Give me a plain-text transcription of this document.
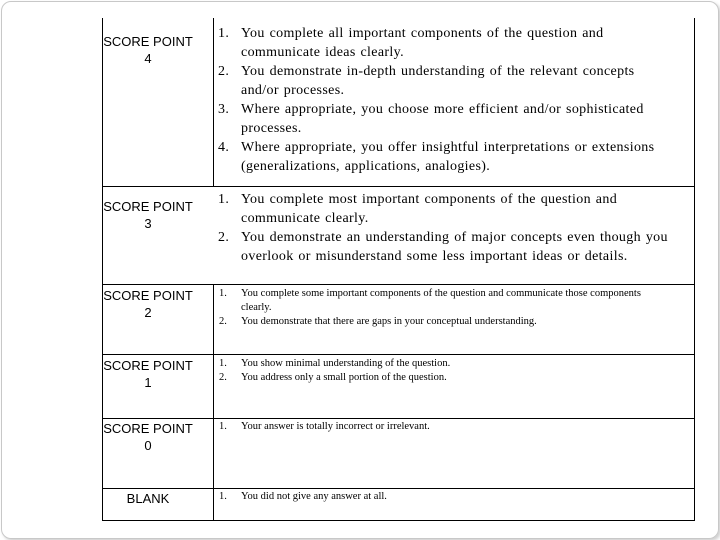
SCORE POINT 4
1. You complete all important components of the question and communicate ideas clearly.
2. You demonstrate in-depth understanding of the relevant concepts and/or processes.
3. Where appropriate, you choose more efficient and/or sophisticated processes.
4. Where appropriate, you offer insightful interpretations or extensions (generalizations, applications, analogies).
SCORE POINT 3
1. You complete most important components of the question and communicate clearly.
2. You demonstrate an understanding of major concepts even though you overlook or misunderstand some less important ideas or details.
SCORE POINT 2
1.	You complete some important components of the question and communicate those components clearly.
2.	You demonstrate that there are gaps in your conceptual understanding.
SCORE POINT 1
1.	You show minimal understanding of the question.
2.	You address only a small portion of the question.
SCORE POINT 0
1.	Your answer is totally incorrect or irrelevant.
BLANK	1.	You did not give any answer at all.
